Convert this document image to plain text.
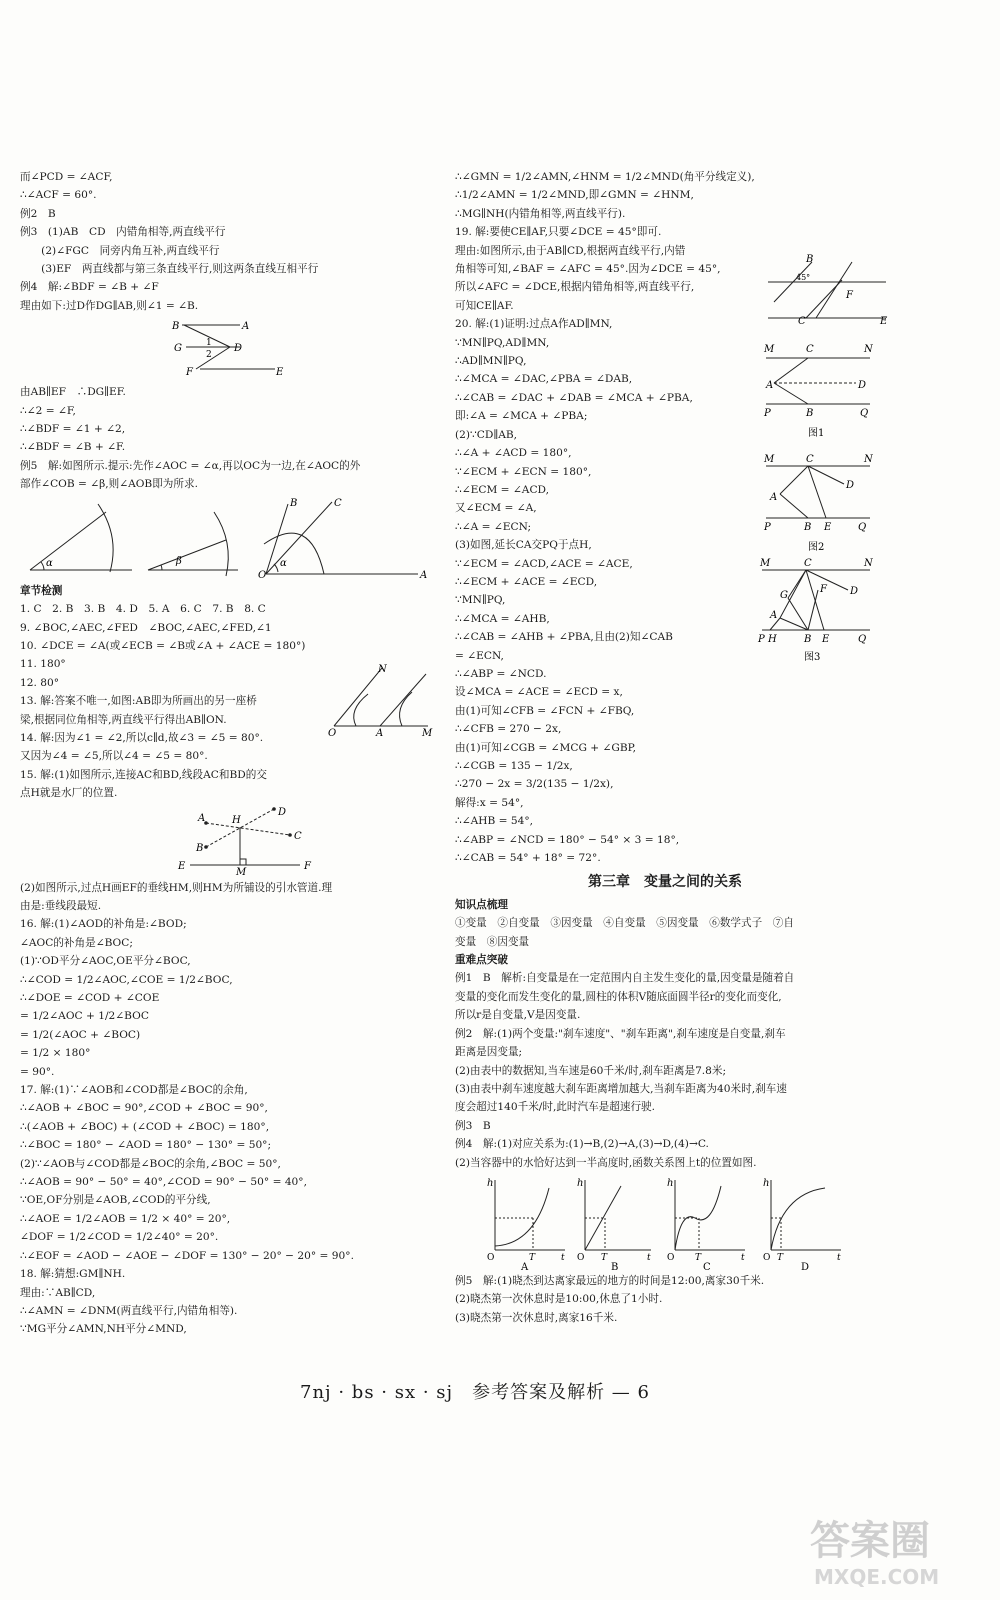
而∠PCD = ∠ACF,
∴∠ACF = 60°.
例2　B
例3　(1)AB　CD　内错角相等,两直线平行
　　(2)∠FGC　同旁内角互补,两直线平行
　　(3)EF　两直线都与第三条直线平行,则这两条直线互相平行
例4　解:∠BDF = ∠B + ∠F
理由如下:过D作DG∥AB,则∠1 = ∠B.
B	A
G	1
2
D
F	E
由AB∥EF　∴DG∥EF.
∴∠2 = ∠F,
∴∠BDF = ∠1 + ∠2,
∴∠BDF = ∠B + ∠F.
例5　解:如图所示.提示:先作∠AOC = ∠α,再以OC为一边,在∠AOC的外
部作∠COB = ∠β,则∠AOB即为所求.
α	β
B	C
α
O	A
章节检测
1. C　2. B　3. B　4. D　5. A　6. C　7. B　8. C
9. ∠BOC,∠AEC,∠FED　∠BOC,∠AEC,∠FED,∠1
10. ∠DCE = ∠A(或∠ECB = ∠B或∠A + ∠ACE = 180°)
11. 180°
12. 80°
13. 解:答案不唯一,如图:AB即为所画出的另一座桥
梁,根据同位角相等,两直线平行得出AB∥ON.
14. 解:因为∠1 = ∠2,所以c∥d,故∠3 = ∠5 = 80°.
又因为∠4 = ∠5,所以∠4 = ∠5 = 80°.
15. 解:(1)如图所示,连接AC和BD,线段AC和BD的交
点H就是水厂的位置.
D
A	H
C
B
E
M
F
(2)如图所示,过点H画EF的垂线HM,则HM为所铺设的引水管道.理
由是:垂线段最短.
16. 解:(1)∠AOD的补角是:∠BOD;
∠AOC的补角是∠BOC;
(1)∵OD平分∠AOC,OE平分∠BOC,
∴∠COD = 1/2∠AOC,∠COE = 1/2∠BOC,
∴∠DOE = ∠COD + ∠COE
= 1/2∠AOC + 1/2∠BOC
= 1/2(∠AOC + ∠BOC)
= 1/2 × 180°
= 90°.
17. 解:(1)∵∠AOB和∠COD都是∠BOC的余角,
∴∠AOB + ∠BOC = 90°,∠COD + ∠BOC = 90°,
∴(∠AOB + ∠BOC) + (∠COD + ∠BOC) = 180°,
∴∠BOC = 180° − ∠AOD = 180° − 130° = 50°;
(2)∵∠AOB与∠COD都是∠BOC的余角,∠BOC = 50°,
∴∠AOB = 90° − 50° = 40°,∠COD = 90° − 50° = 40°,
∵OE,OF分别是∠AOB,∠COD的平分线,
∴∠AOE = 1/2∠AOB = 1/2 × 40° = 20°,
∠DOF = 1/2∠COD = 1/2∠40° = 20°.
∴∠EOF = ∠AOD − ∠AOE − ∠DOF = 130° − 20° − 20° = 90°.
18. 解:猜想:GM∥NH.
理由:∵AB∥CD,
∴∠AMN = ∠DNM(两直线平行,内错角相等).
∵MG平分∠AMN,NH平分∠MND,
N
O	A	M
∴∠GMN = 1/2∠AMN,∠HNM = 1/2∠MND(角平分线定义),
∴1/2∠AMN = 1/2∠MND,即∠GMN = ∠HNM,
∴MG∥NH(内错角相等,两直线平行).
19. 解:要使CE∥AF,只要∠DCE = 45°即可.
理由:如图所示,由于AB∥CD,根据两直线平行,内错
角相等可知,∠BAF = ∠AFC = 45°.因为∠DCE = 45°,
所以∠AFC = ∠DCE,根据内错角相等,两直线平行,
可知CE∥AF.
20. 解:(1)证明:过点A作AD∥MN,
∵MN∥PQ,AD∥MN,
∴AD∥MN∥PQ,
∴∠MCA = ∠DAC,∠PBA = ∠DAB,
∴∠CAB = ∠DAC + ∠DAB = ∠MCA + ∠PBA,
即:∠A = ∠MCA + ∠PBA;
(2)∵CD∥AB,
∴∠A + ∠ACD = 180°,
∵∠ECM + ∠ECN = 180°,
∴∠ECM = ∠ACD,
又∠ECM = ∠A,
∴∠A = ∠ECN;
(3)如图,延长CA交PQ于点H,
∵∠ECM = ∠ACD,∠ACE = ∠ACE,
∴∠ECM + ∠ACE = ∠ECD,
∵MN∥PQ,
∴∠MCA = ∠AHB,
∴∠CAB = ∠AHB + ∠PBA,且由(2)知∠CAB
= ∠ECN,
∴∠ABP = ∠NCD.
设∠MCA = ∠ACE = ∠ECD = x,
由(1)可知∠CFB = ∠FCN + ∠FBQ,
∴∠CFB = 270 − 2x,
由(1)可知∠CGB = ∠MCG + ∠GBP,
∴∠CGB = 135 − 1/2x,
∴270 − 2x = 3/2(135 − 1/2x),
解得:x = 54°,
∴∠AHB = 54°,
∴∠ABP = ∠NCD = 180° − 54° × 3 = 18°,
∴∠CAB = 54° + 18° = 72°.
第三章　变量之间的关系
知识点梳理
①变量　②自变量　③因变量　④自变量　⑤因变量　⑥数学式子　⑦自
变量　⑧因变量
重难点突破
例1　B　解析:自变量是在一定范围内自主发生变化的量,因变量是随着自
变量的变化而发生变化的量,圆柱的体积V随底面圆半径r的变化而变化,
所以r是自变量,V是因变量.
例2　解:(1)两个变量:"刹车速度"、"刹车距离",刹车速度是自变量,刹车
距离是因变量;
(2)由表中的数据知,当车速是60千米/时,刹车距离是7.8米;
(3)由表中刹车速度越大刹车距离增加越大,当刹车距离为40米时,刹车速
度会超过140千米/时,此时汽车是超速行驶.
例3　B
例4　解:(1)对应关系为:(1)→B,(2)→A,(3)→D,(4)→C.
(2)当容器中的水恰好达到一半高度时,函数关系图上t的位置如图.
h
O	T	t
A
h
O T	t
B
h
O T	t
C
h
O T	t
D
例5　解:(1)晓杰到达离家最远的地方的时间是12:00,离家30千米.
(2)晓杰第一次休息时是10:00,休息了1小时.
(3)晓杰第一次休息时,离家16千米.
B
45°
F
C	E
M	C	N
A	D
P	B	Q
图1
M	C	N
D
A
P	B E	Q
图2
M	C	N
G
F D
A
P H	B E	Q
图3
7nj · bs · sx · sj　参考答案及解析 — 6
答案圈
MXQE.COM
